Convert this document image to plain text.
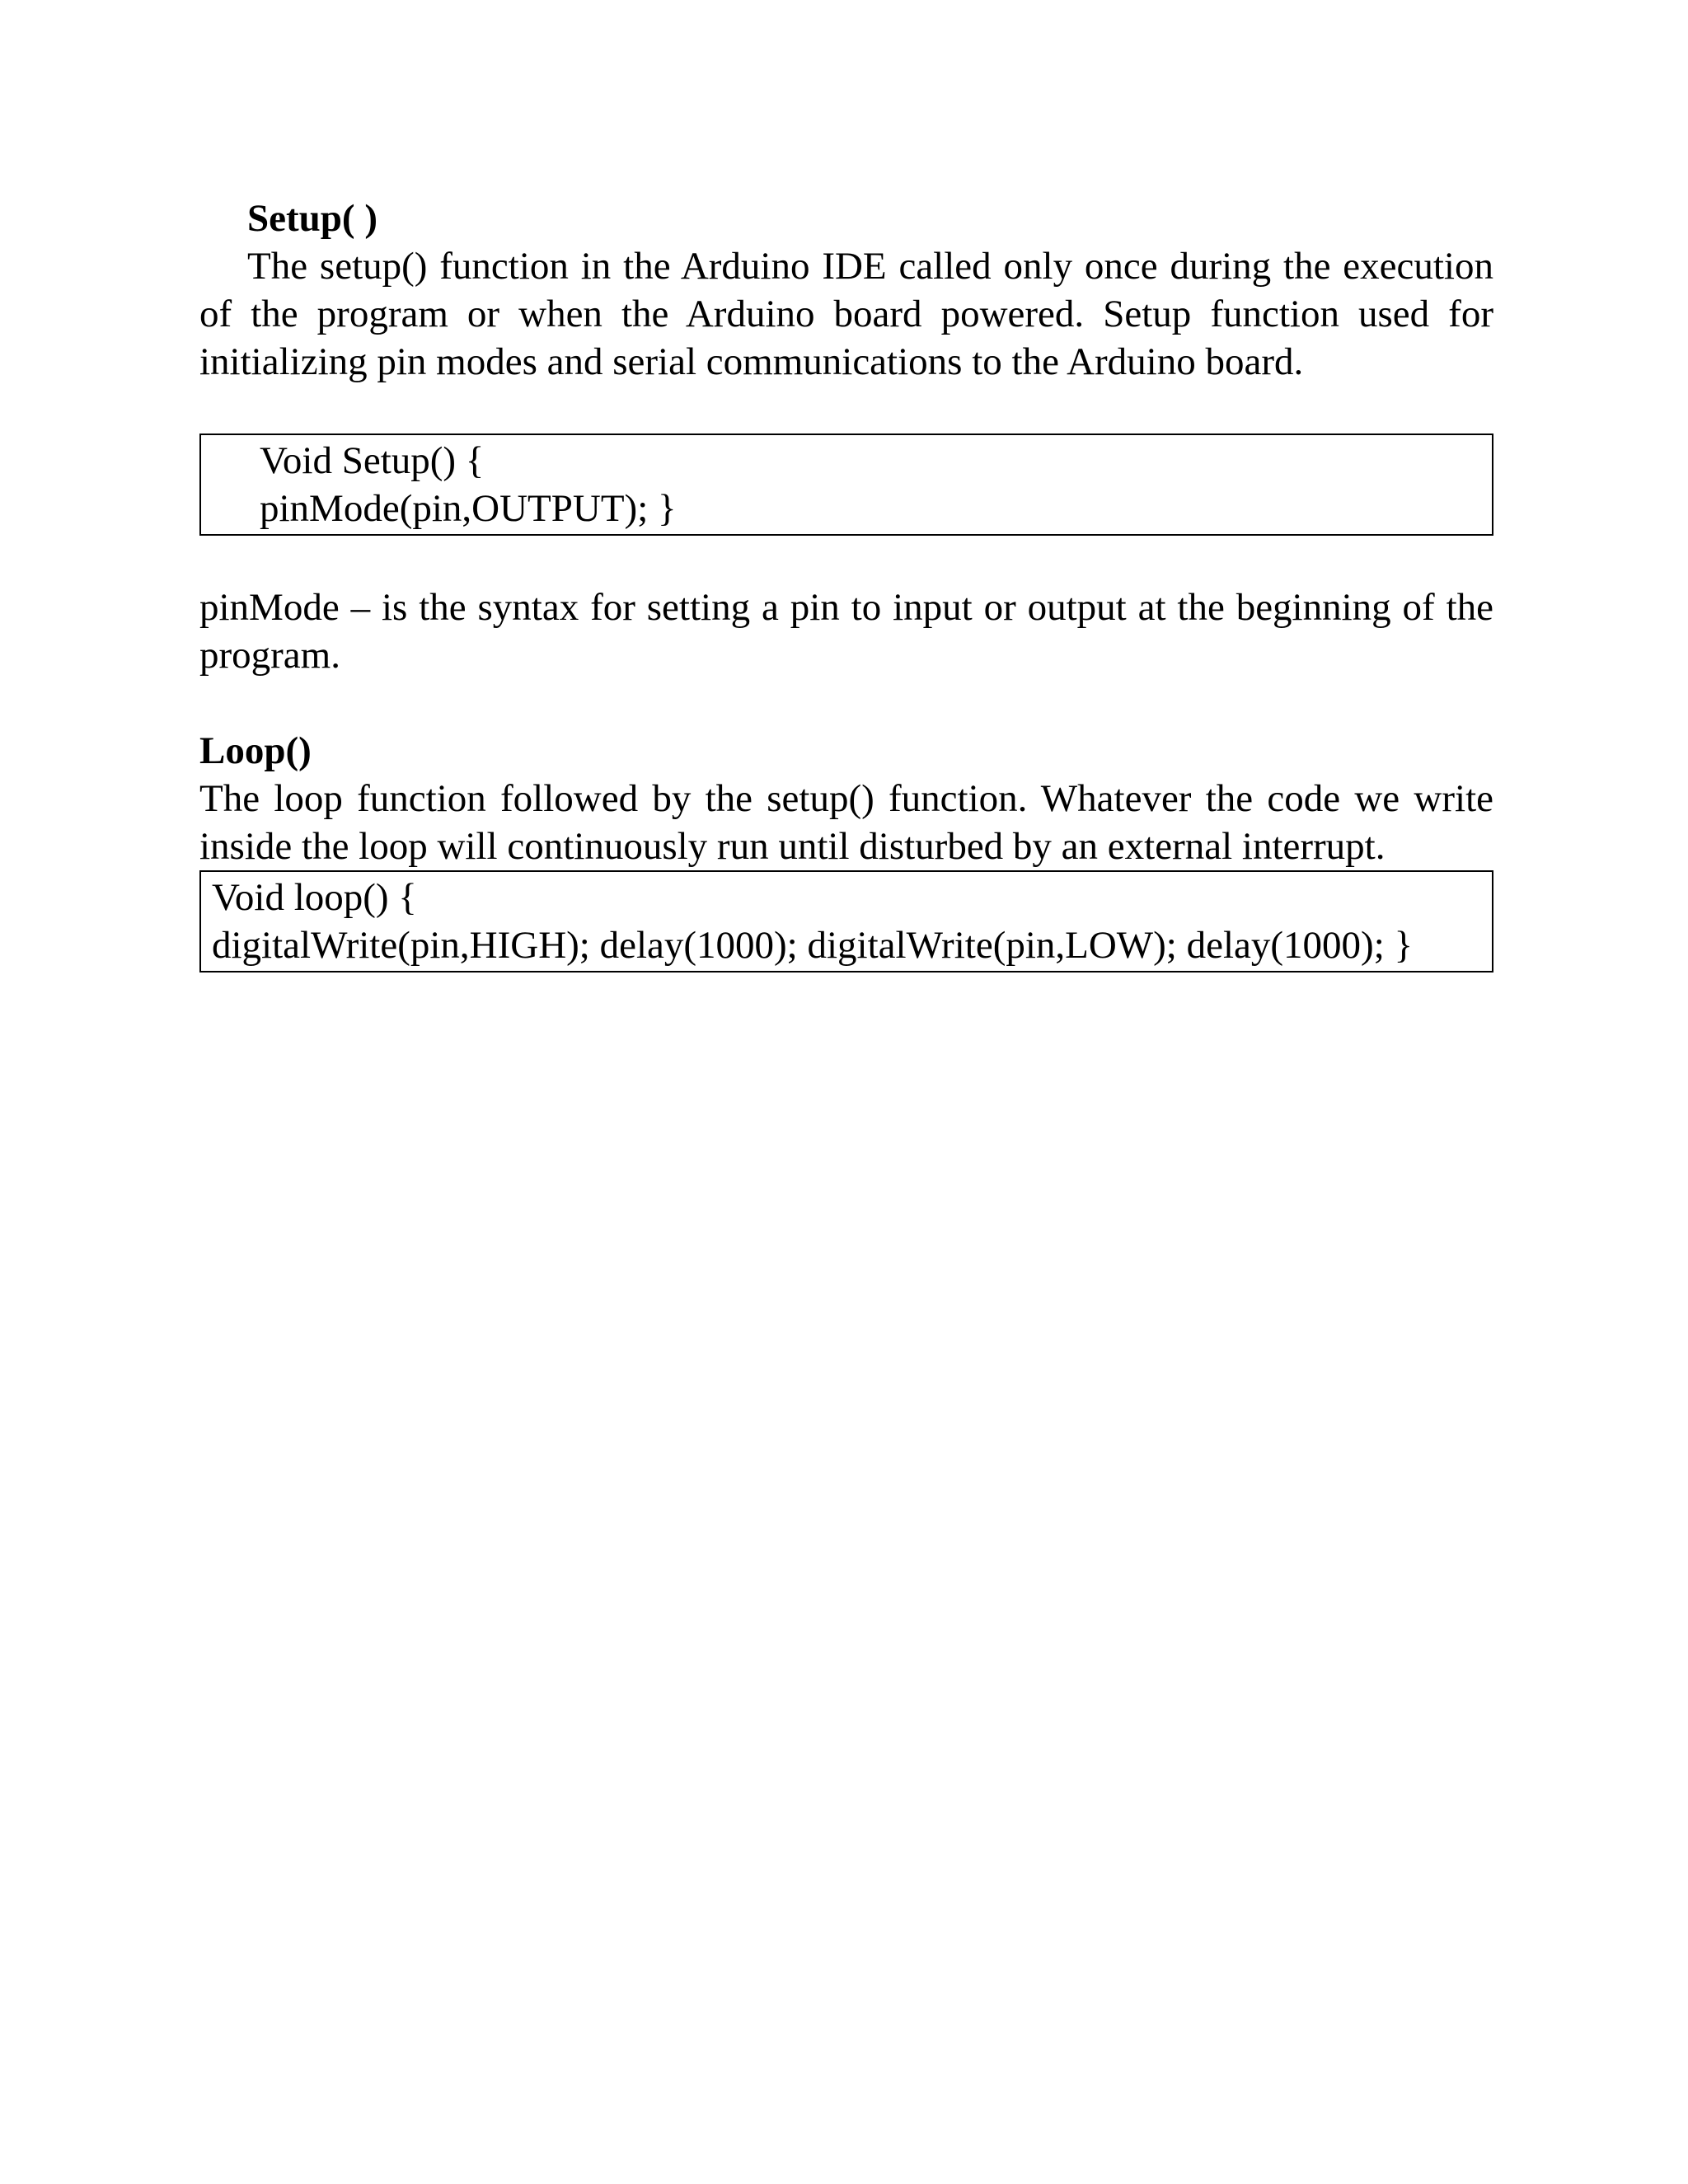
Setup( )

The setup() function in the Arduino IDE called only once during the execution of the program or when the Arduino board powered. Setup function used for initializing pin modes and serial communications to the Arduino board.

Void Setup() {
pinMode(pin,OUTPUT); }

pinMode – is the syntax for setting a pin to input or output at the beginning of the program.

Loop()

The loop function followed by the setup() function. Whatever the code we write inside the loop will continuously run until disturbed by an external interrupt.

Void loop() {
digitalWrite(pin,HIGH); delay(1000); digitalWrite(pin,LOW); delay(1000); }
